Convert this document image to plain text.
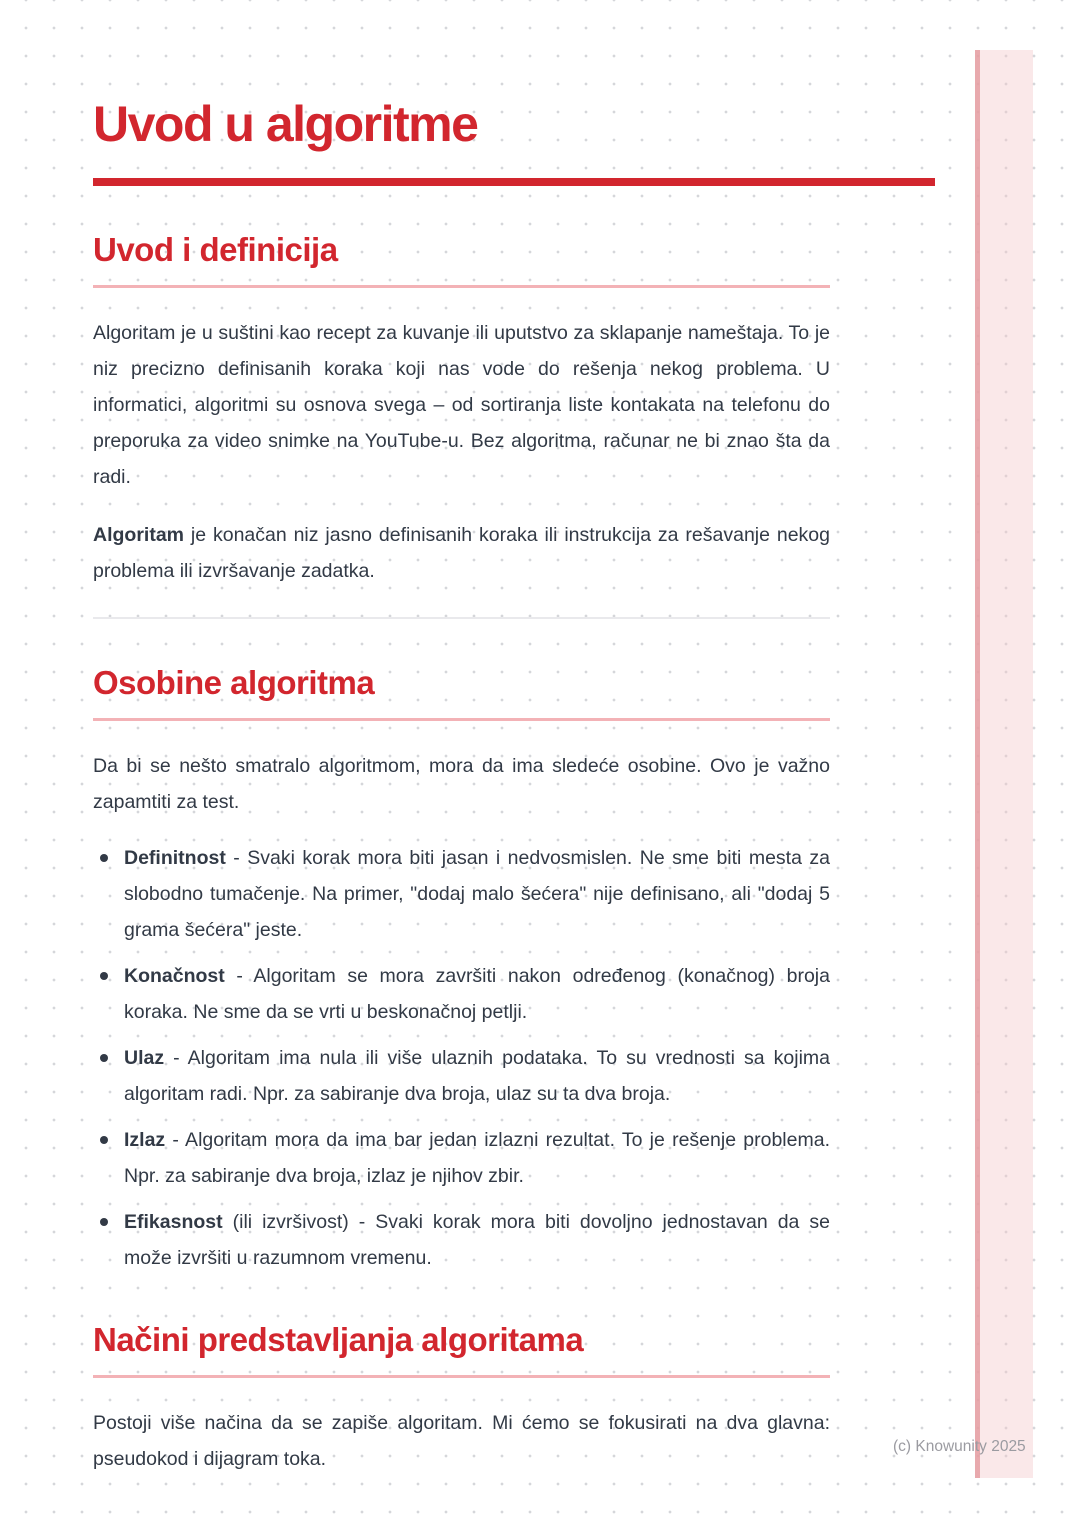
Uvod u algoritme
Uvod i definicija

Algoritam je u suštini kao recept za kuvanje ili uputstvo za sklapanje nameštaja. To je niz precizno definisanih koraka koji nas vode do rešenja nekog problema. U informatici, algoritmi su osnova svega – od sortiranja liste kontakata na telefonu do preporuka za video snimke na YouTube-u. Bez algoritma, računar ne bi znao šta da radi.

Algoritam je konačan niz jasno definisanih koraka ili instrukcija za rešavanje nekog problema ili izvršavanje zadatka.

Osobine algoritma

Da bi se nešto smatralo algoritmom, mora da ima sledeće osobine. Ovo je važno zapamtiti za test.

Definitnost - Svaki korak mora biti jasan i nedvosmislen. Ne sme biti mesta za slobodno tumačenje. Na primer, "dodaj malo šećera" nije definisano, ali "dodaj 5 grama šećera" jeste.
Konačnost - Algoritam se mora završiti nakon određenog (konačnog) broja koraka. Ne sme da se vrti u beskonačnoj petlji.
Ulaz - Algoritam ima nula ili više ulaznih podataka. To su vrednosti sa kojima algoritam radi. Npr. za sabiranje dva broja, ulaz su ta dva broja.
Izlaz - Algoritam mora da ima bar jedan izlazni rezultat. To je rešenje problema. Npr. za sabiranje dva broja, izlaz je njihov zbir.
Efikasnost (ili izvršivost) - Svaki korak mora biti dovoljno jednostavan da se može izvršiti u razumnom vremenu.
Načini predstavljanja algoritama

Postoji više načina da se zapiše algoritam. Mi ćemo se fokusirati na dva glavna: pseudokod i dijagram toka.

(c) Knowunity 2025
